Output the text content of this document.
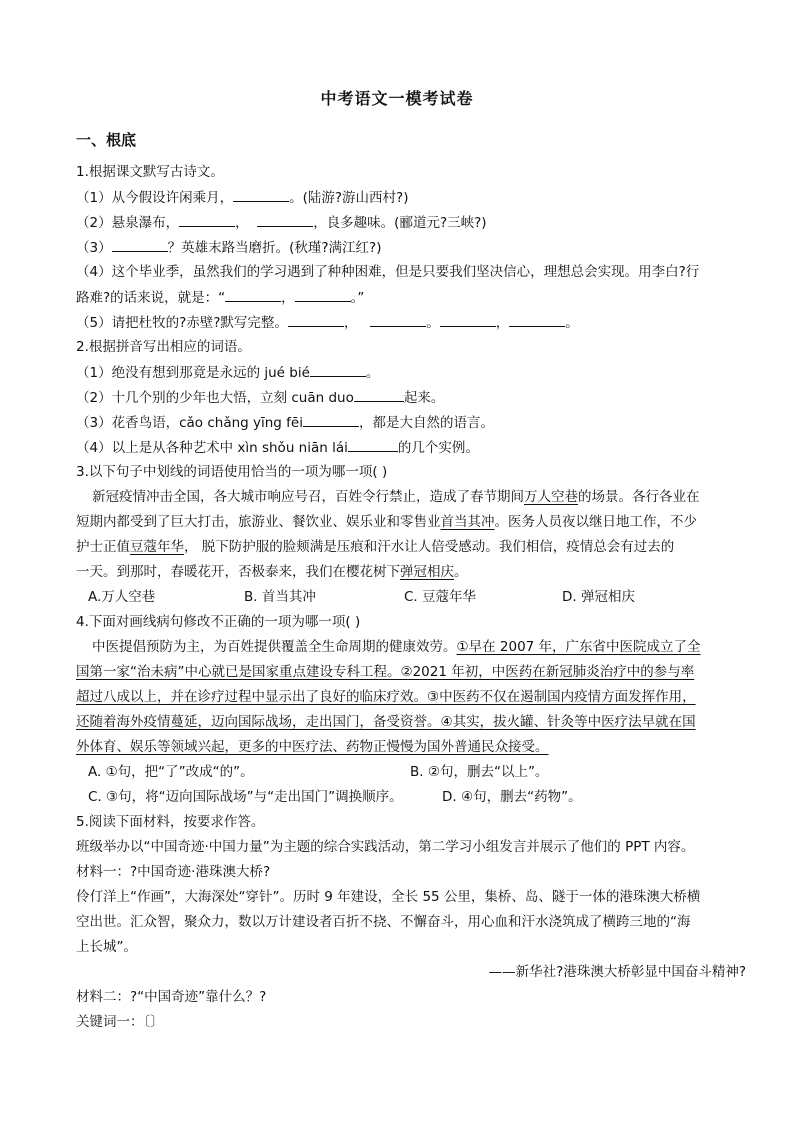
中考语文一模考试卷
一、根底
1.根据课文默写古诗文。
（1）从今假设许闲乘月，	。(陆游?游山西村?)
（2）悬泉瀑布，	，	，良多趣味。(郦道元?三峡?)
（3）	？英雄末路当磨折。(秋瑾?满江红?)
（4）这个毕业季，虽然我们的学习遇到了种种困难，但是只要我们坚决信心，理想总会实现。用李白?行
路难?的话来说，就是：“	，	。”
（5）请把杜牧的?赤壁?默写完整。	，	。	，	。
2.根据拼音写出相应的词语。
（1）绝没有想到那竟是永远的 jué bié	。
（2）十几个别的少年也大悟，立刻 cuān duo	起来。
（3）花香鸟语，cǎo chǎng yīng fēi	，都是大自然的语言。
（4）以上是从各种艺术中 xìn shǒu niān lái	的几个实例。
3.以下句子中划线的词语使用恰当的一项为哪一项( )
新冠疫情冲击全国，各大城市响应号召，百姓令行禁止，造成了春节期间万人空巷的场景。各行各业在
短期内都受到了巨大打击，旅游业、餐饮业、娱乐业和零售业首当其冲。医务人员夜以继日地工作，不少
护士正值豆蔻年华， 脱下防护服的脸颊满是压痕和汗水让人倍受感动。我们相信，疫情总会有过去的
一天。到那时，春暖花开，否极泰来，我们在樱花树下弹冠相庆。
A.万人空巷	B. 首当其冲	C. 豆蔻年华	D. 弹冠相庆
4.下面对画线病句修改不正确的一项为哪一项( )
中医提倡预防为主，为百姓提供覆盖全生命周期的健康效劳。①早在 2007 年，广东省中医院成立了全
国第一家“治未病”中心就已是国家重点建设专科工程。②2021 年初，中医药在新冠肺炎治疗中的参与率
超过八成以上，并在诊疗过程中显示出了良好的临床疗效。③中医药不仅在遏制国内疫情方面发挥作用，
还随着海外疫情蔓延，迈向国际战场，走出国门，备受资誉。④其实，拔火罐、针灸等中医疗法早就在国
外体育、娱乐等领域兴起，更多的中医疗法、药物正慢慢为国外普通民众接受。
A. ①句，把“了”改成“的”。	B. ②句，删去“以上”。
C. ③句，将“迈向国际战场”与“走出国门”调换顺序。	D. ④句，删去“药物”。
5.阅读下面材料，按要求作答。
班级举办以“中国奇迹·中国力量”为主题的综合实践活动，第二学习小组发言并展示了他们的 PPT 内容。
材料一：?中国奇迹·港珠澳大桥?
伶仃洋上“作画”，大海深处“穿针”。历时 9 年建设，全长 55 公里，集桥、岛、隧于一体的港珠澳大桥横
空出世。汇众智，聚众力，数以万计建设者百折不挠、不懈奋斗，用心血和汗水浇筑成了横跨三地的“海
上长城”。
——新华社?港珠澳大桥彰显中国奋斗精神?
材料二：?“中国奇迹”靠什么？?
关键词一：〔〕
